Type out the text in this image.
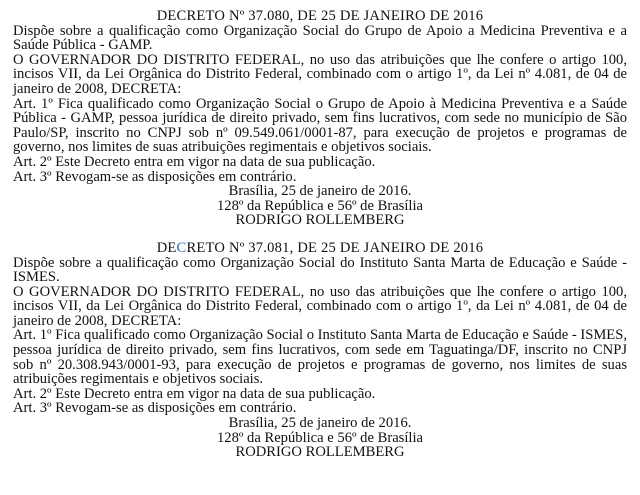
DECRETO Nº 37.080, DE 25 DE JANEIRO DE 2016

Dispõe sobre a qualificação como Organização Social do Grupo de Apoio a Medicina Preventiva e a Saúde Pública - GAMP.

O GOVERNADOR DO DISTRITO FEDERAL, no uso das atribuições que lhe confere o artigo 100, incisos VII, da Lei Orgânica do Distrito Federal, combinado com o artigo 1º, da Lei nº 4.081, de 04 de janeiro de 2008, DECRETA:

Art. 1º Fica qualificado como Organização Social o Grupo de Apoio à Medicina Preventiva e a Saúde Pública - GAMP, pessoa jurídica de direito privado, sem fins lucrativos, com sede no município de São Paulo/SP, inscrito no CNPJ sob nº 09.549.061/0001-87, para execução de projetos e programas de governo, nos limites de suas atribuições regimentais e objetivos sociais.

Art. 2º Este Decreto entra em vigor na data de sua publicação.

Art. 3º Revogam-se as disposições em contrário.

Brasília, 25 de janeiro de 2016.

128º da República e 56º de Brasília

RODRIGO ROLLEMBERG

DECRETO Nº 37.081, DE 25 DE JANEIRO DE 2016

Dispõe sobre a qualificação como Organização Social do Instituto Santa Marta de Educação e Saúde - ISMES.

O GOVERNADOR DO DISTRITO FEDERAL, no uso das atribuições que lhe confere o artigo 100, incisos VII, da Lei Orgânica do Distrito Federal, combinado com o artigo 1º, da Lei nº 4.081, de 04 de janeiro de 2008, DECRETA:

Art. 1º Fica qualificado como Organização Social o Instituto Santa Marta de Educação e Saúde - ISMES, pessoa jurídica de direito privado, sem fins lucrativos, com sede em Taguatinga/DF, inscrito no CNPJ sob nº 20.308.943/0001-93, para execução de projetos e programas de governo, nos limites de suas atribuições regimentais e objetivos sociais.

Art. 2º Este Decreto entra em vigor na data de sua publicação.

Art. 3º Revogam-se as disposições em contrário.

Brasília, 25 de janeiro de 2016.

128º da República e 56º de Brasília

RODRIGO ROLLEMBERG
